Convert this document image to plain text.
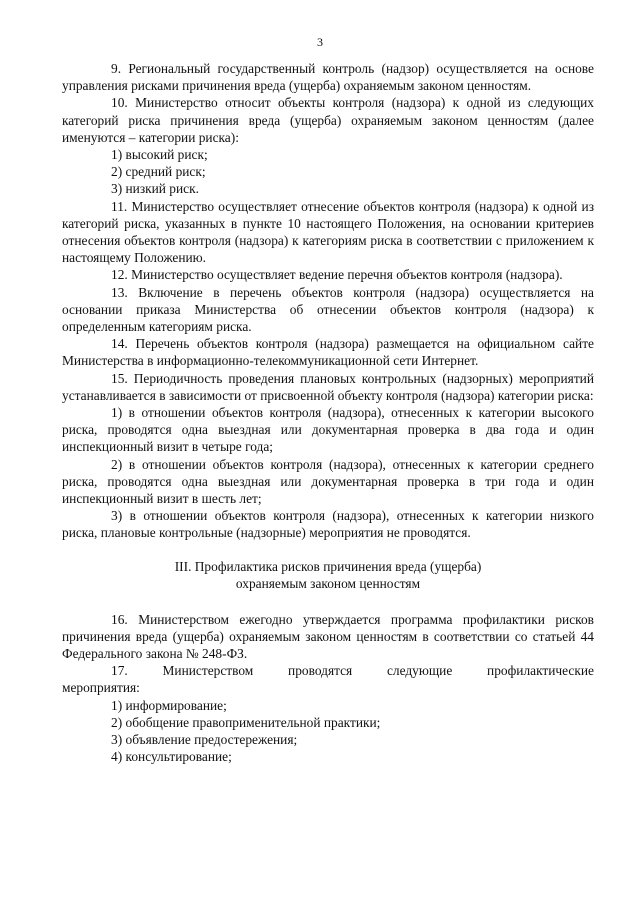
3

9. Региональный государственный контроль (надзор) осуществляется на основе управления рисками причинения вреда (ущерба) охраняемым законом ценностям.

10. Министерство относит объекты контроля (надзора) к одной из следующих категорий риска причинения вреда (ущерба) охраняемым законом ценностям (далее именуются – категории риска):

1) высокий риск;

2) средний риск;

3) низкий риск.

11. Министерство осуществляет отнесение объектов контроля (надзора) к одной из категорий риска, указанных в пункте 10 настоящего Положения, на основании критериев отнесения объектов контроля (надзора) к категориям риска в соответствии с приложением к настоящему Положению.

12. Министерство осуществляет ведение перечня объектов контроля (надзора).

13. Включение в перечень объектов контроля (надзора) осуществляется на основании приказа Министерства об отнесении объектов контроля (надзора) к определенным категориям риска.

14. Перечень объектов контроля (надзора) размещается на официальном сайте Министерства в информационно-телекоммуникационной сети Интернет.

15. Периодичность проведения плановых контрольных (надзорных) мероприятий устанавливается в зависимости от присвоенной объекту контроля (надзора) категории риска:

1) в отношении объектов контроля (надзора), отнесенных к категории высокого риска, проводятся одна выездная или документарная проверка в два года и один инспекционный визит в четыре года;

2) в отношении объектов контроля (надзора), отнесенных к категории среднего риска, проводятся одна выездная или документарная проверка в три года и один инспекционный визит в шесть лет;

3) в отношении объектов контроля (надзора), отнесенных к категории низкого риска, плановые контрольные (надзорные) мероприятия не проводятся.

III. Профилактика рисков причинения вреда (ущерба)
охраняемым законом ценностям

16. Министерством ежегодно утверждается программа профилактики рисков причинения вреда (ущерба) охраняемым законом ценностям в соответствии со статьей 44 Федерального закона № 248-ФЗ.

17.	Министерством	проводятся	следующие	профилактические

мероприятия:

1) информирование;

2) обобщение правоприменительной практики;

3) объявление предостережения;

4) консультирование;
